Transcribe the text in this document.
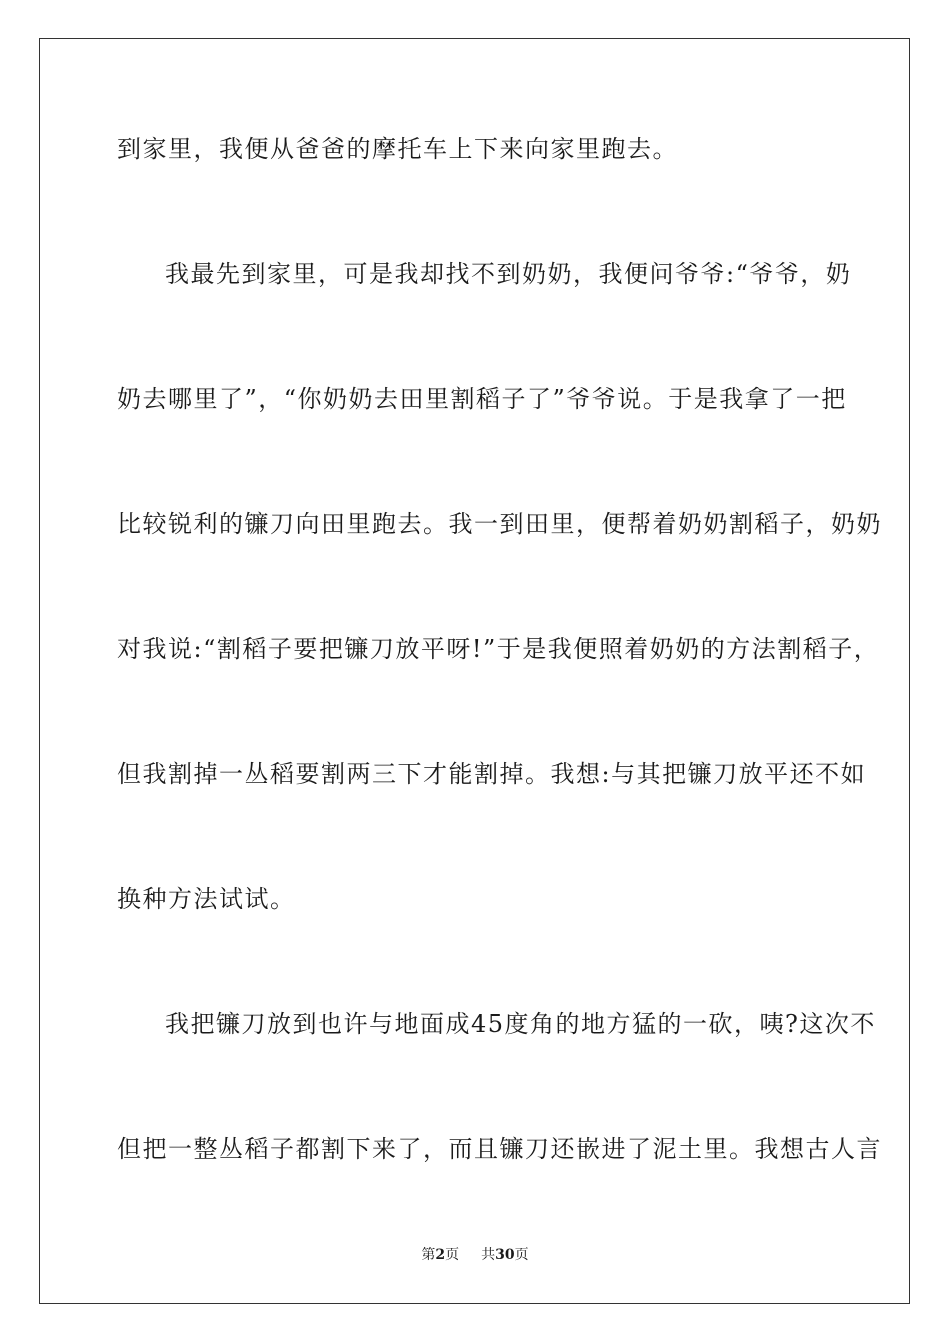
到家里，我便从爸爸的摩托车上下来向家里跑去。
我最先到家里，可是我却找不到奶奶，我便问爷爷:“爷爷，奶
奶去哪里了”，“你奶奶去田里割稻子了”爷爷说。于是我拿了一把
比较锐利的镰刀向田里跑去。我一到田里，便帮着奶奶割稻子，奶奶
对我说:“割稻子要把镰刀放平呀!”于是我便照着奶奶的方法割稻子，
但我割掉一丛稻要割两三下才能割掉。我想:与其把镰刀放平还不如
换种方法试试。
我把镰刀放到也许与地面成45度角的地方猛的一砍，咦?这次不
但把一整丛稻子都割下来了，而且镰刀还嵌进了泥土里。我想古人言
第2页 共30页
